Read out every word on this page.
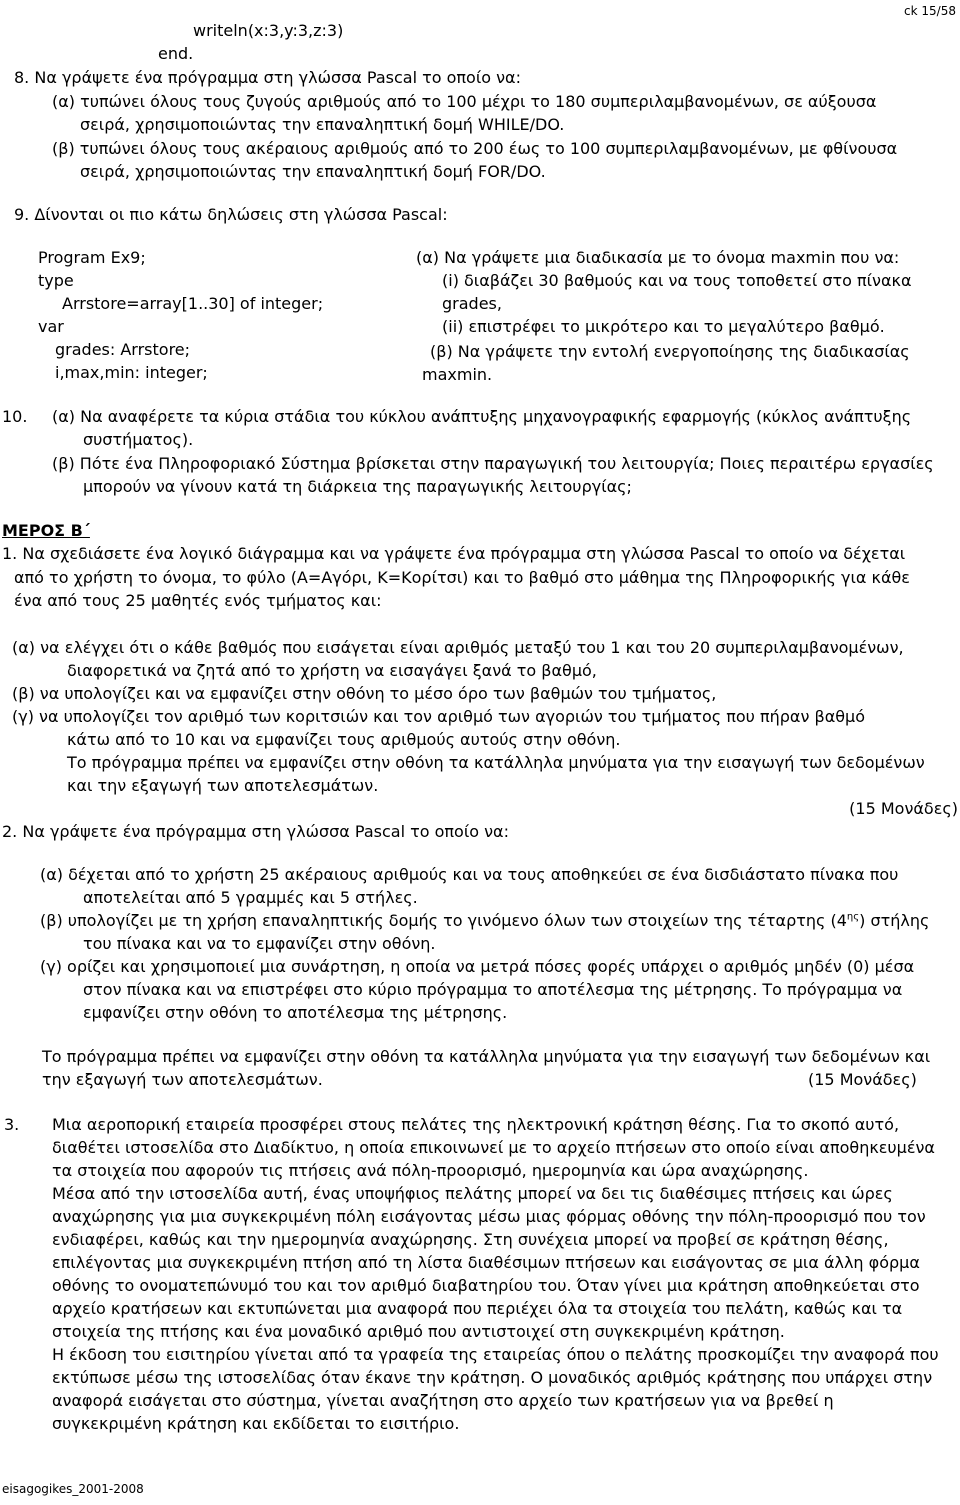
ck 15/58
writeln(x:3,y:3,z:3)
end.
8. Να γράψετε ένα πρόγραμμα στη γλώσσα Pascal το οποίο να:
(α) τυπώνει όλους τους ζυγούς αριθμούς από το 100 μέχρι το 180 συμπεριλαμβανομένων, σε αύξουσα
σειρά, χρησιμοποιώντας την επαναληπτική δομή WHILE/DO.
(β) τυπώνει όλους τους ακέραιους αριθμούς από το 200 έως το 100 συμπεριλαμβανομένων, με φθίνουσα
σειρά, χρησιμοποιώντας την επαναληπτική δομή FOR/DO.
9. Δίνονται οι πιο κάτω δηλώσεις στη γλώσσα Pascal:
Program Ex9;
type
Arrstore=array[1..30] of integer;
var
grades: Arrstore;
i,max,min: integer;
(α) Να γράψετε μια διαδικασία με το όνομα maxmin που να:
(i) διαβάζει 30 βαθμούς και να τους τοποθετεί στο πίνακα
grades,
(ii) επιστρέφει το μικρότερο και το μεγαλύτερο βαθμό.
(β) Να γράψετε την εντολή ενεργοποίησης της διαδικασίας
maxmin.
10. (α) Να αναφέρετε τα κύρια στάδια του κύκλου ανάπτυξης μηχανογραφικής εφαρμογής (κύκλος ανάπτυξης
συστήματος).
(β) Πότε ένα Πληροφοριακό Σύστημα βρίσκεται στην παραγωγική του λειτουργία; Ποιες περαιτέρω εργασίες
μπορούν να γίνουν κατά τη διάρκεια της παραγωγικής λειτουργίας;
ΜΕΡΟΣ Β΄
1. Να σχεδιάσετε ένα λογικό διάγραμμα και να γράψετε ένα πρόγραμμα στη γλώσσα Pascal το οποίο να δέχεται
από το χρήστη το όνομα, το φύλο (Α=Αγόρι, Κ=Κορίτσι) και το βαθμό στο μάθημα της Πληροφορικής για κάθε
ένα από τους 25 μαθητές ενός τμήματος και:
(α) να ελέγχει ότι ο κάθε βαθμός που εισάγεται είναι αριθμός μεταξύ του 1 και του 20 συμπεριλαμβανομένων,
διαφορετικά να ζητά από το χρήστη να εισαγάγει ξανά το βαθμό,
(β) να υπολογίζει και να εμφανίζει στην οθόνη το μέσο όρο των βαθμών του τμήματος,
(γ) να υπολογίζει τον αριθμό των κοριτσιών και τον αριθμό των αγοριών του τμήματος που πήραν βαθμό
κάτω από το 10 και να εμφανίζει τους αριθμούς αυτούς στην οθόνη.
Το πρόγραμμα πρέπει να εμφανίζει στην οθόνη τα κατάλληλα μηνύματα για την εισαγωγή των δεδομένων
και την εξαγωγή των αποτελεσμάτων.
(15 Μονάδες)
2. Να γράψετε ένα πρόγραμμα στη γλώσσα Pascal το οποίο να:
(α) δέχεται από το χρήστη 25 ακέραιους αριθμούς και να τους αποθηκεύει σε ένα δισδιάστατο πίνακα που
αποτελείται από 5 γραμμές και 5 στήλες.
(β) υπολογίζει με τη χρήση επαναληπτικής δομής το γινόμενο όλων των στοιχείων της τέταρτης $(4^{\eta\varsigma})$ στήλης
του πίνακα και να το εμφανίζει στην οθόνη.
(γ) ορίζει και χρησιμοποιεί μια συνάρτηση, η οποία να μετρά πόσες φορές υπάρχει ο αριθμός μηδέν (0) μέσα
στον πίνακα και να επιστρέφει στο κύριο πρόγραμμα το αποτέλεσμα της μέτρησης. Το πρόγραμμα να
εμφανίζει στην οθόνη το αποτέλεσμα της μέτρησης.
Το πρόγραμμα πρέπει να εμφανίζει στην οθόνη τα κατάλληλα μηνύματα για την εισαγωγή των δεδομένων και
την εξαγωγή των αποτελεσμάτων.	(15 Μονάδες)
3. Μια αεροπορική εταιρεία προσφέρει στους πελάτες της ηλεκτρονική κράτηση θέσης. Για το σκοπό αυτό,
διαθέτει ιστοσελίδα στο Διαδίκτυο, η οποία επικοινωνεί με το αρχείο πτήσεων στο οποίο είναι αποθηκευμένα
τα στοιχεία που αφορούν τις πτήσεις ανά πόλη-προορισμό, ημερομηνία και ώρα αναχώρησης.
Μέσα από την ιστοσελίδα αυτή, ένας υποψήφιος πελάτης μπορεί να δει τις διαθέσιμες πτήσεις και ώρες
αναχώρησης για μια συγκεκριμένη πόλη εισάγοντας μέσω μιας φόρμας οθόνης την πόλη-προορισμό που τον
ενδιαφέρει, καθώς και την ημερομηνία αναχώρησης. Στη συνέχεια μπορεί να προβεί σε κράτηση θέσης,
επιλέγοντας μια συγκεκριμένη πτήση από τη λίστα διαθέσιμων πτήσεων και εισάγοντας σε μια άλλη φόρμα
οθόνης το ονοματεπώνυμό του και τον αριθμό διαβατηρίου του. Όταν γίνει μια κράτηση αποθηκεύεται στο
αρχείο κρατήσεων και εκτυπώνεται μια αναφορά που περιέχει όλα τα στοιχεία του πελάτη, καθώς και τα
στοιχεία της πτήσης και ένα μοναδικό αριθμό που αντιστοιχεί στη συγκεκριμένη κράτηση.
Η έκδοση του εισιτηρίου γίνεται από τα γραφεία της εταιρείας όπου ο πελάτης προσκομίζει την αναφορά που
εκτύπωσε μέσω της ιστοσελίδας όταν έκανε την κράτηση. Ο μοναδικός αριθμός κράτησης που υπάρχει στην
αναφορά εισάγεται στο σύστημα, γίνεται αναζήτηση στο αρχείο των κρατήσεων για να βρεθεί η
συγκεκριμένη κράτηση και εκδίδεται το εισιτήριο.
eisagogikes_2001-2008
